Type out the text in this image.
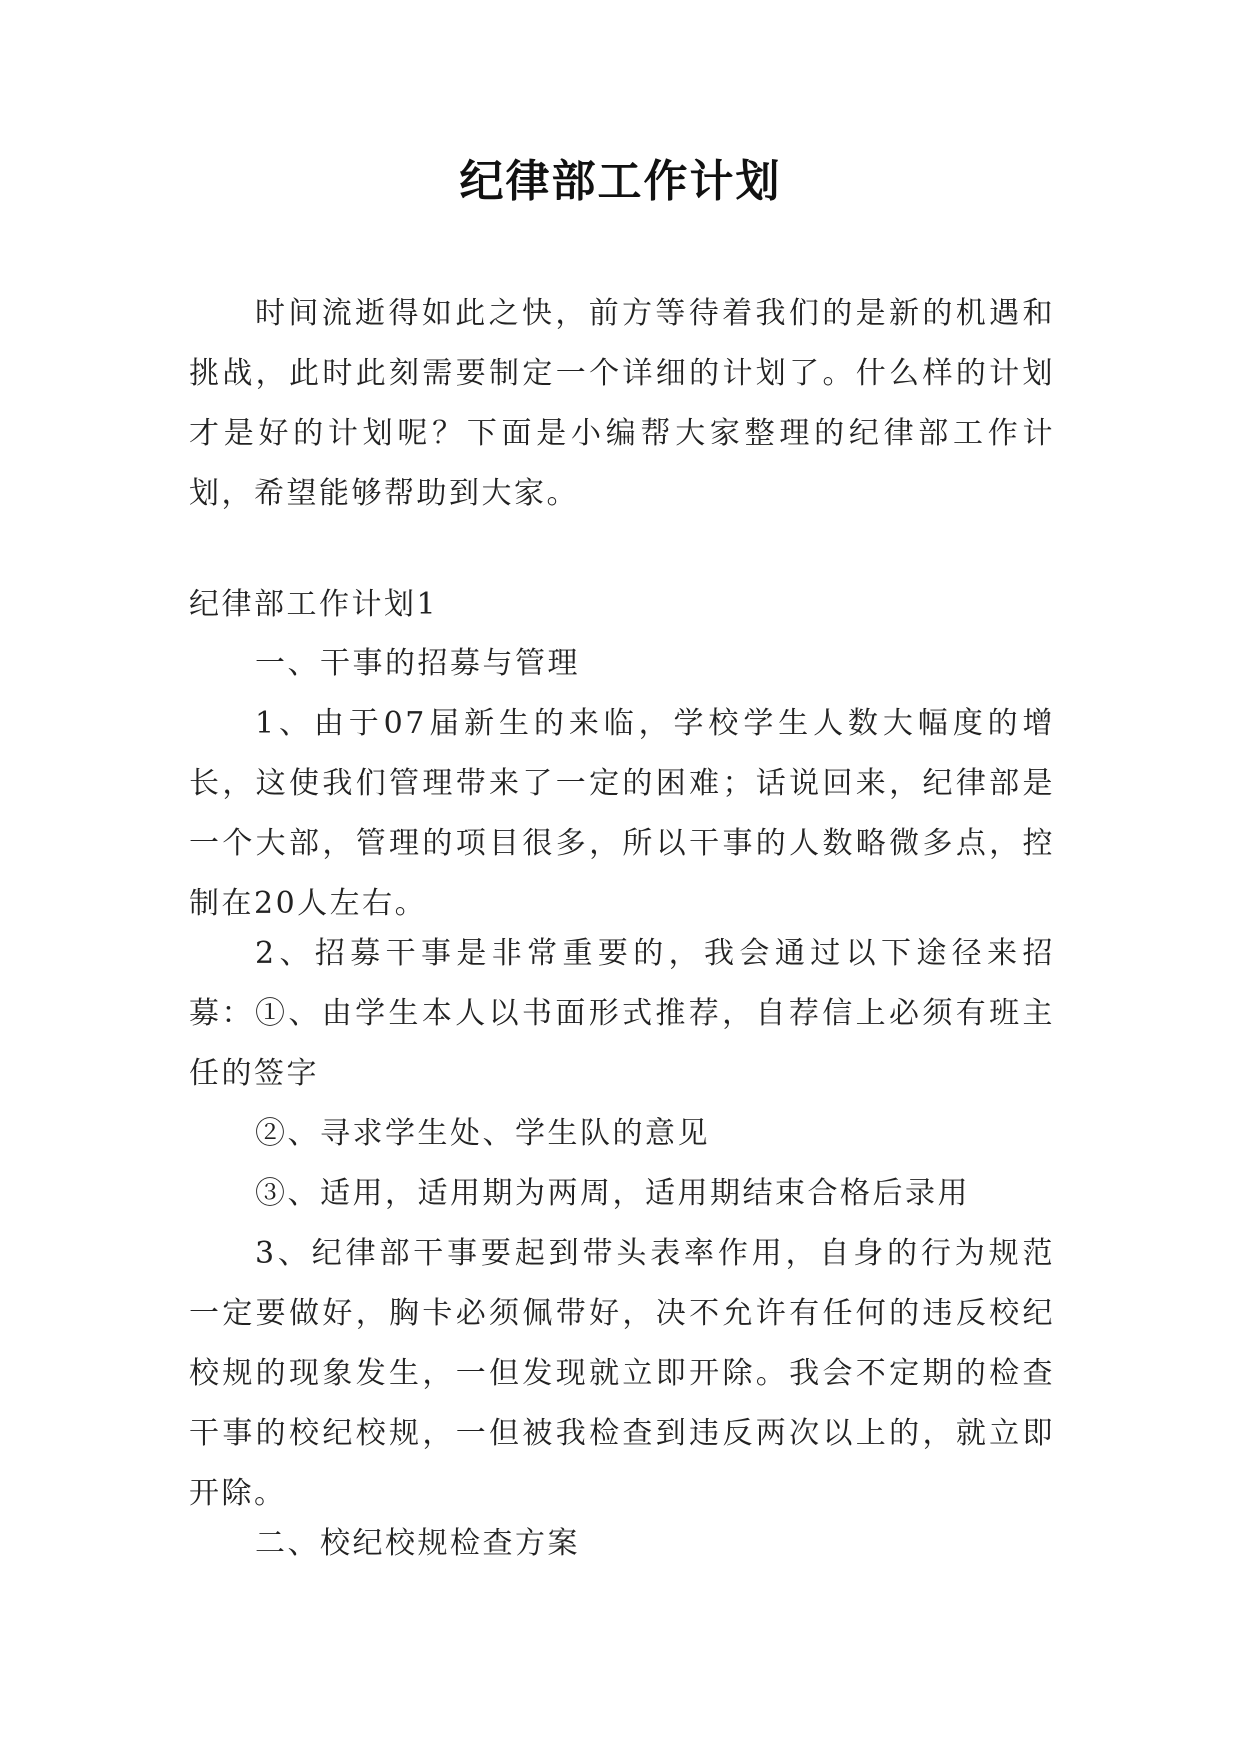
纪律部工作计划
时间流逝得如此之快，前方等待着我们的是新的机遇和挑战，此时此刻需要制定一个详细的计划了。什么样的计划才是好的计划呢？下面是小编帮大家整理的纪律部工作计划，希望能够帮助到大家。
纪律部工作计划1
一、干事的招募与管理
1、由于07届新生的来临，学校学生人数大幅度的增长，这使我们管理带来了一定的困难；话说回来，纪律部是一个大部，管理的项目很多，所以干事的人数略微多点，控制在20人左右。
2、招募干事是非常重要的，我会通过以下途径来招募： ①、由学生本人以书面形式推荐，自荐信上必须有班主任的签字
②、寻求学生处、学生队的意见
③、适用，适用期为两周，适用期结束合格后录用
3、纪律部干事要起到带头表率作用，自身的行为规范一定要做好，胸卡必须佩带好，决不允许有任何的违反校纪校规的现象发生，一但发现就立即开除。我会不定期的检查干事的校纪校规，一但被我检查到违反两次以上的，就立即开除。
二、校纪校规检查方案
